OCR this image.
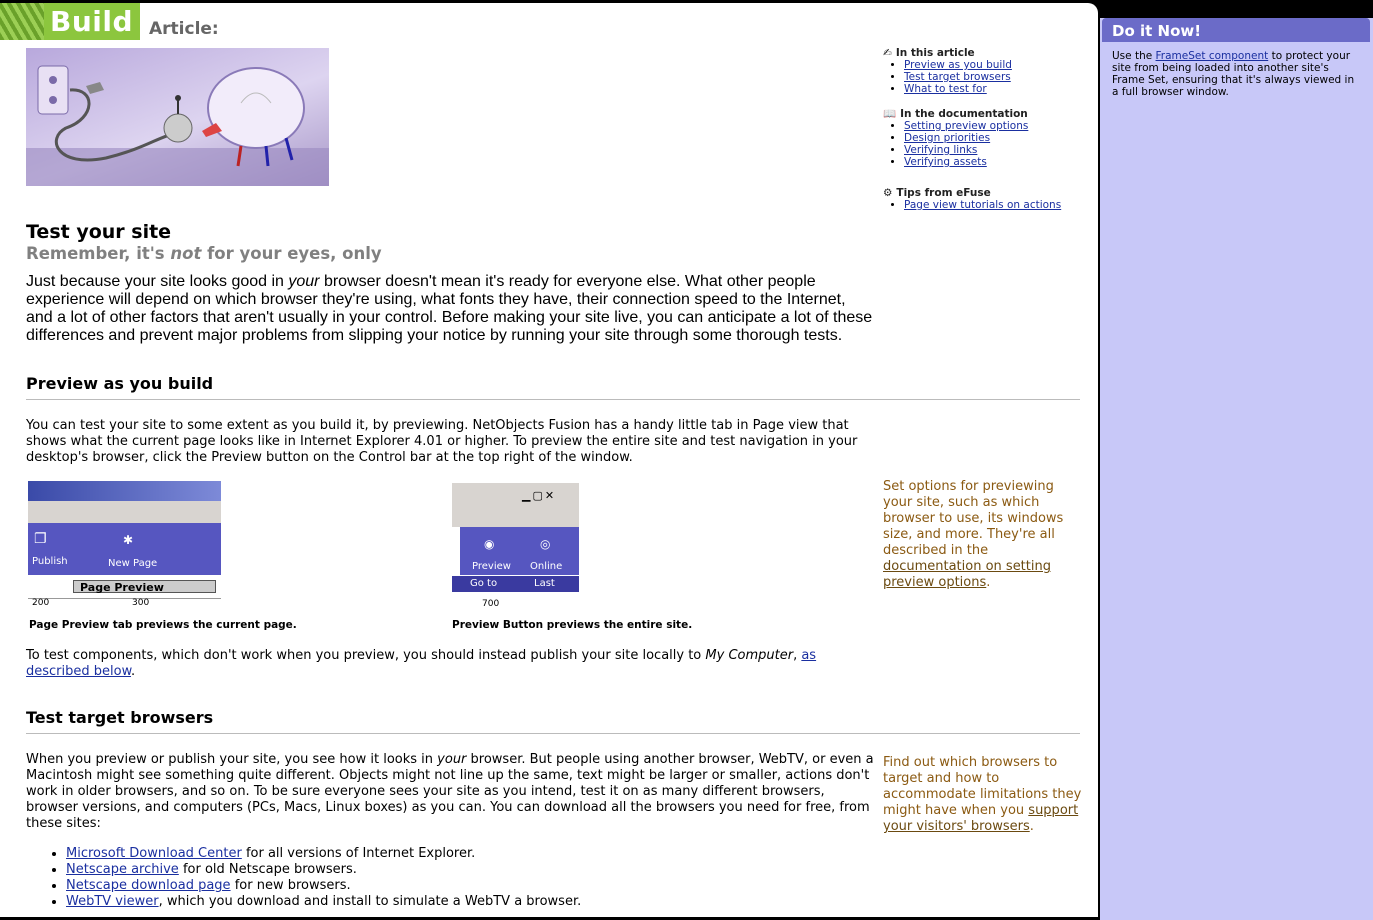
Build Article:
✍ In this article
• Preview as you build
• Test target browsers
• What to test for
📖 In the documentation
• Setting preview options
• Design priorities
• Verifying links
• Verifying assets
⚙ Tips from eFuse
• Page view tutorials on actions
Test your site
Remember, it's not for your eyes, only
Just because your site looks good in your browser doesn't mean it's ready for everyone else. What other people experience will depend on which browser they're using, what fonts they have, their connection speed to the Internet, and a lot of other factors that aren't usually in your control. Before making your site live, you can anticipate a lot of these differences and prevent major problems from slipping your notice by running your site through some thorough tests.
Preview as you build
You can test your site to some extent as you build it, by previewing. NetObjects Fusion has a handy little tab in Page view that shows what the current page looks like in Internet Explorer 4.01 or higher. To preview the entire site and test navigation in your desktop's browser, click the Preview button on the Control bar at the top right of the window.
❐
Publish
✱
New Page
Page Preview
200	300
Page Preview tab previews the current page.
▁▢✕
◉
Preview
◎
Online
Go to	Last
700
Preview Button previews the entire site.
Set options for previewing your site, such as which browser to use, its windows size, and more. They're all described in the documentation on setting preview options.
To test components, which don't work when you preview, you should instead publish your site locally to My Computer, as described below.
Test target browsers
When you preview or publish your site, you see how it looks in your browser. But people using another browser, WebTV, or even a Macintosh might see something quite different. Objects might not line up the same, text might be larger or smaller, actions don't work in older browsers, and so on. To be sure everyone sees your site as you intend, test it on as many different browsers, browser versions, and computers (PCs, Macs, Linux boxes) as you can. You can download all the browsers you need for free, from these sites:
Find out which browsers to target and how to accommodate limitations they might have when you support your visitors' browsers.
• Microsoft Download Center for all versions of Internet Explorer.
• Netscape archive for old Netscape browsers.
• Netscape download page for new browsers.
• WebTV viewer, which you download and install to simulate a WebTV a browser.
Do it Now!
Use the FrameSet component to protect your site from being loaded into another site's Frame Set, ensuring that it's always viewed in a full browser window.
